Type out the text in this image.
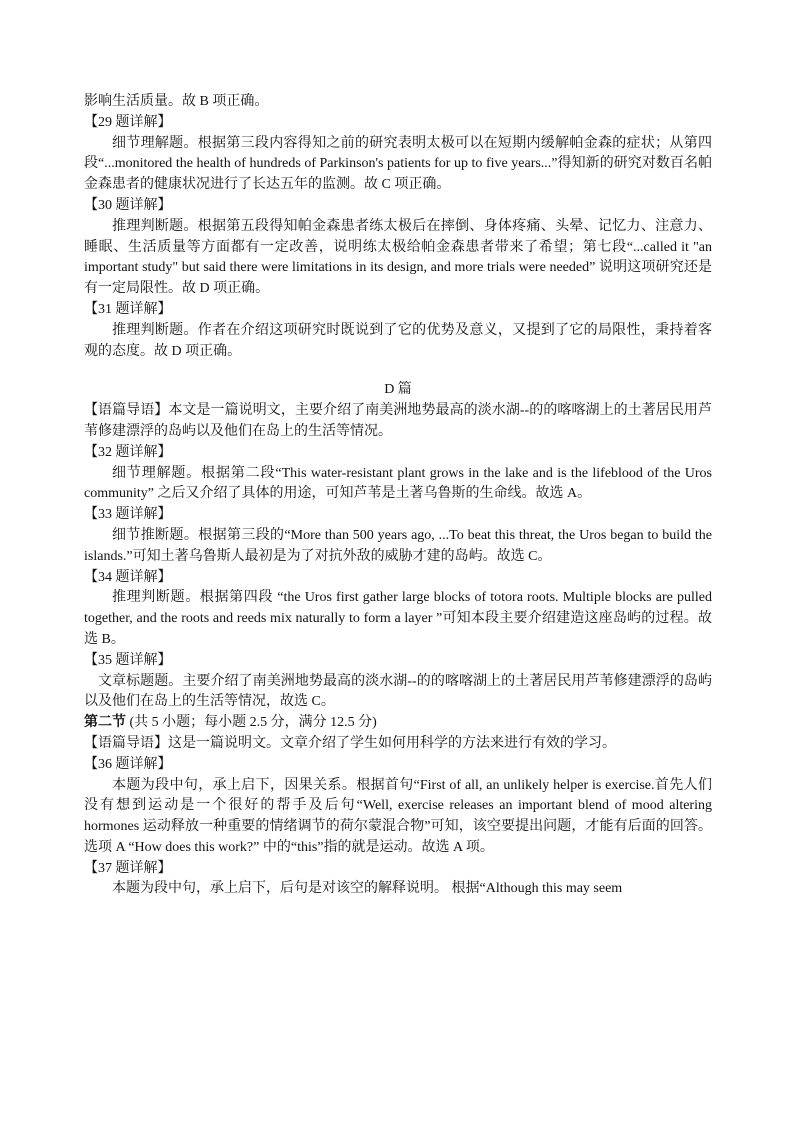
影响生活质量。故 B 项正确。

【29 题详解】

细节理解题。根据第三段内容得知之前的研究表明太极可以在短期内缓解帕金森的症状；从第四段“...monitored the health of hundreds of Parkinson's patients for up to five years...”得知新的研究对数百名帕金森患者的健康状况进行了长达五年的监测。故 C 项正确。

【30 题详解】

推理判断题。根据第五段得知帕金森患者练太极后在摔倒、身体疼痛、头晕、记忆力、注意力、睡眠、生活质量等方面都有一定改善，说明练太极给帕金森患者带来了希望；第七段“...called it "an important study" but said there were limitations in its design, and more trials were needed” 说明这项研究还是有一定局限性。故 D 项正确。

【31 题详解】

推理判断题。作者在介绍这项研究时既说到了它的优势及意义，又提到了它的局限性，秉持着客观的态度。故 D 项正确。

D 篇

【语篇导语】本文是一篇说明文，主要介绍了南美洲地势最高的淡水湖--的的喀喀湖上的土著居民用芦苇修建漂浮的岛屿以及他们在岛上的生活等情况。

【32 题详解】

细节理解题。根据第二段“This water-resistant plant grows in the lake and is the lifeblood of the Uros community” 之后又介绍了具体的用途，可知芦苇是土著乌鲁斯的生命线。故选 A。

【33 题详解】

细节推断题。根据第三段的“More than 500 years ago, ...To beat this threat, the Uros began to build the islands.”可知土著乌鲁斯人最初是为了对抗外敌的威胁才建的岛屿。故选 C。

【34 题详解】

推理判断题。根据第四段 “the Uros first gather large blocks of totora roots. Multiple blocks are pulled together, and the roots and reeds mix naturally to form a layer ”可知本段主要介绍建造这座岛屿的过程。故选 B。

【35 题详解】

文章标题题。主要介绍了南美洲地势最高的淡水湖--的的喀喀湖上的土著居民用芦苇修建漂浮的岛屿以及他们在岛上的生活等情况，故选 C。

第二节 (共 5 小题；每小题 2.5 分，满分 12.5 分)

【语篇导语】这是一篇说明文。文章介绍了学生如何用科学的方法来进行有效的学习。

【36 题详解】

本题为段中句，承上启下，因果关系。根据首句“First of all, an unlikely helper is exercise.首先人们没有想到运动是一个很好的帮手及后句“Well, exercise releases an important blend of mood altering hormones 运动释放一种重要的情绪调节的荷尔蒙混合物”可知，该空要提出问题，才能有后面的回答。选项 A “How does this work?” 中的“this”指的就是运动。故选 A 项。

【37 题详解】

本题为段中句，承上启下，后句是对该空的解释说明。 根据“Although this may seem
